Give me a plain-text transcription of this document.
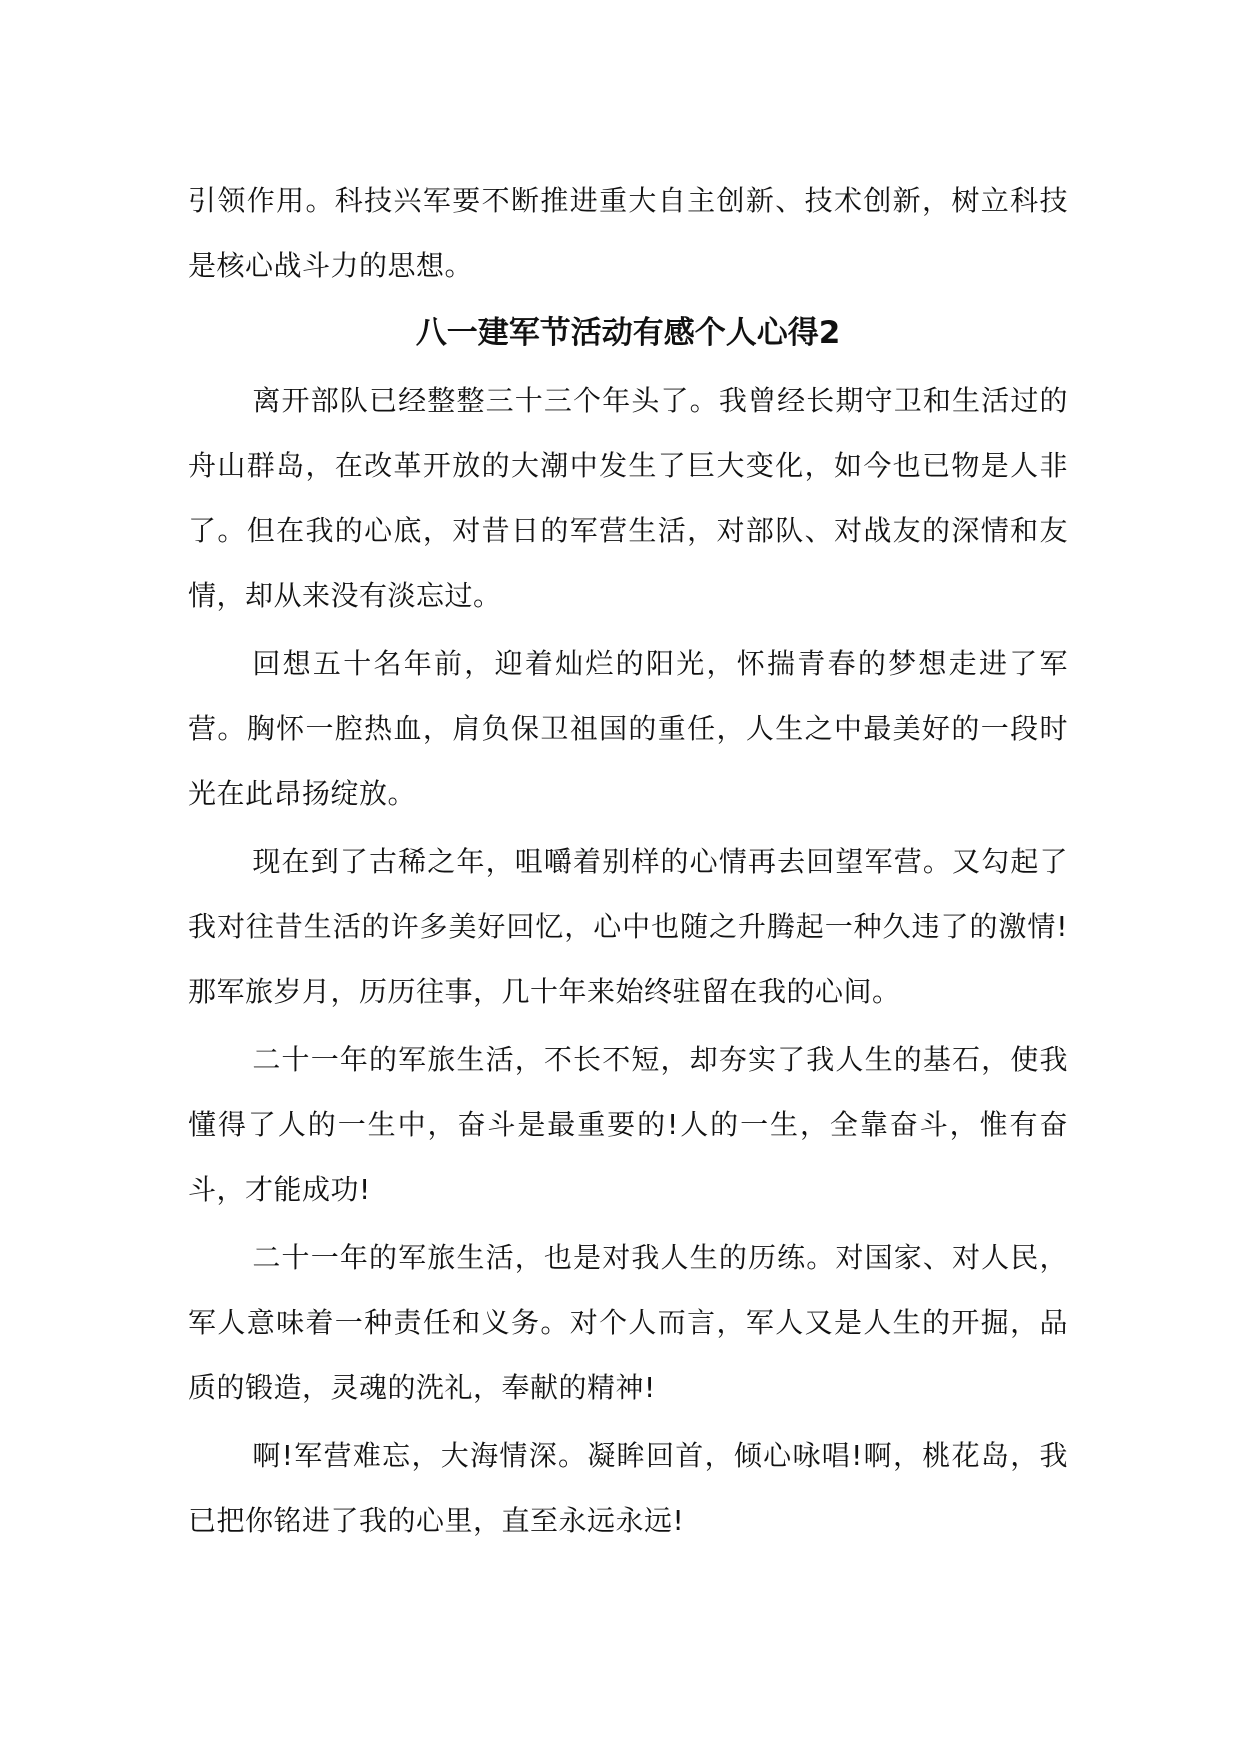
引领作用。科技兴军要不断推进重大自主创新、技术创新，树立科技是核心战斗力的思想。

八一建军节活动有感个人心得2

离开部队已经整整三十三个年头了。我曾经长期守卫和生活过的舟山群岛，在改革开放的大潮中发生了巨大变化，如今也已物是人非了。但在我的心底，对昔日的军营生活，对部队、对战友的深情和友情，却从来没有淡忘过。

回想五十名年前，迎着灿烂的阳光，怀揣青春的梦想走进了军营。胸怀一腔热血，肩负保卫祖国的重任，人生之中最美好的一段时光在此昂扬绽放。

现在到了古稀之年，咀嚼着别样的心情再去回望军营。又勾起了我对往昔生活的许多美好回忆，心中也随之升腾起一种久违了的激情!那军旅岁月，历历往事，几十年来始终驻留在我的心间。

二十一年的军旅生活，不长不短，却夯实了我人生的基石，使我懂得了人的一生中，奋斗是最重要的!人的一生，全靠奋斗，惟有奋斗，才能成功!

二十一年的军旅生活，也是对我人生的历练。对国家、对人民，军人意味着一种责任和义务。对个人而言，军人又是人生的开掘，品质的锻造，灵魂的洗礼，奉献的精神!

啊!军营难忘，大海情深。凝眸回首，倾心咏唱!啊，桃花岛，我已把你铭进了我的心里，直至永远永远!
